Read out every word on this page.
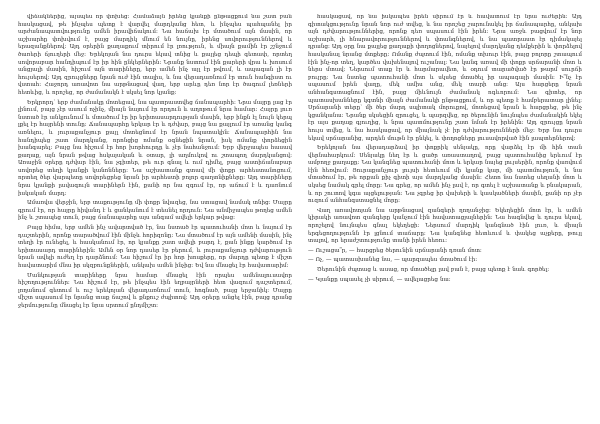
վիճակներից, այսպես որ փոխեց։ Համաձայն իրենց կյանքի ընթացքում նա շատ բան հասկացավ, թե ինչպես պետք է վարվել մարդկանց հետ, և ինչպես պահպանել իր արժանապատվությունը ամեն իրավիճակում։ Նա հաճախ էր մտածում այն մասին, որ աշխարհը փոխվում է, բայց մարդիկ մնում են նույնը, իրենց սովորություններով և երազանքներով։ Այդ օրերին քաղաքում տիրում էր լռություն, և միայն քամին էր շշնջում ծառերի ճյուղերի մեջ։ Երեկոյան նա դուրս եկավ տնից և քայլեց դեպի գետափ, որտեղ սովորաբար հանդիպում էր իր հին ընկերներին։ Նրանք նստում էին քարերի վրա և խոսում անցյալի մասին, հիշում այն տարիները, երբ ամեն ինչ այլ էր թվում, և ապագան լի էր հույսերով։ Այդ զրույցները նրան ուժ էին տալիս, և նա վերադառնում էր տուն հանգիստ ու վստահ։ Հաջորդ առավոտ նա արթնացավ վաղ, երբ արևը դեռ նոր էր ծագում լեռների հետևից, և որոշեց, որ ժամանակն է սկսել նոր կյանք։

Երկրորդ՝ երբ ժամանակը մոտեցավ, նա պատրաստվեց ճանապարհի։ Նրա մայրը լաց էր լինում, բայց չէր ասում ոչինչ, միայն նայում էր որդուն և աղոթում նրա համար։ Հայրը լուռ նստած էր անկյունում և մտածում էր իր երիտասարդության մասին, երբ ինքն էլ նույն կերպ լքել էր հայրենի տունը։ Ճանապարհը երկար էր և դժվար, բայց նա քայլում էր առանց կանգ առնելու, և յուրաքանչյուր քայլ մոտեցնում էր նրան նպատակին։ Ճանապարհին նա հանդիպեց շատ մարդկանց, որոնցից ոմանք օգնեցին նրան, իսկ ոմանք փորձեցին խանգարել։ Բայց նա հիշում էր հոր խորհուրդը և չէր նահանջում։ Երբ վերջապես հասավ քաղաք, այն նրան թվաց հսկայական և օտար, լի աղմուկով ու շտապող մարդկանցով։ Առաջին օրերը դժվար էին, նա չգիտեր, թե ուր գնալ և ում դիմել, բայց աստիճանաբար սովորեց տեղի կյանքի կանոնները։ Նա աշխատանք գտավ մի փոքր արհեստանոցում, որտեղ ծեր վարպետը սովորեցրեց նրան իր արհեստի բոլոր գաղտնիքները։ Այդ տարիները նրա կյանքի լավագույն տարիներն էին, քանի որ նա զգում էր, որ աճում է և դառնում իսկական մարդ։

Ամառվա վերջին, երբ տաքությունը մի փոքր նվազեց, նա ստացավ նամակ տնից։ Մայրը գրում էր, որ հայրը հիվանդ է և ցանկանում է տեսնել որդուն։ Նա անմիջապես թողեց ամեն ինչ և շտապեց տուն, բայց ճանապարհը այս անգամ ավելի երկար թվաց։

Բայց հիմա, երբ ամեն ինչ ավարտված էր, նա նստած էր պատուհանի մոտ և նայում էր դաշտերին, որոնք տարածվում էին մինչև հորիզոնը։ Նա մտածում էր այն ամենի մասին, ինչ տեղի էր ունեցել, և հասկանում էր, որ կյանքը շատ ավելի բարդ է, քան ինքը կարծում էր երիտասարդ տարիներին։ Ամեն օր նոր դասեր էր բերում, և յուրաքանչյուր դժվարություն նրան ավելի ուժեղ էր դարձնում։ Նա հիշում էր իր հոր խոսքերը, որ մարդը պետք է միշտ հավատարիմ մնա իր սկզբունքներին, անկախ ամեն ինչից։ Եվ նա մնացել էր հավատարիմ։

Մանկության տարիները նրա համար մնացել էին որպես ամենալուսավոր հիշողություններ։ Նա հիշում էր, թե ինչպես էին եղբայրների հետ վազում դաշտերում, լողանում գետում և ուշ երեկոյան վերադառնում տուն, հոգնած, բայց երջանիկ։ Մայրը միշտ սպասում էր նրանց տաք ճաշով և քնքուշ ժպիտով։ Այդ օրերը անցել էին, բայց դրանց ջերմությունը մնացել էր նրա սրտում ընդմիշտ։

հասկացավ, որ նա իսկապես իրեն սիրում էր և հավատում էր նրա ուժերին։ Այդ գիտակցությունը նրան նոր ուժ տվեց, և նա որոշեց շարունակել իր ճանապարհը, անկախ այն դժվարություններից, որոնք դեռ սպասում էին իրեն։ Նրա առջև բացվում էր նոր աշխարհ, լի հնարավորություններով և վտանգներով, և նա պատրաստ էր դիմակայել դրանց։ Այդ օրը նա քայլեց քաղաքի փողոցներով, նայելով մարդկանց դեմքերին և փորձելով հասկանալ նրանց մտքերը։ Ոմանք ժպտում էին, ոմանք տխուր էին, բայց բոլորը շտապում էին ինչ-որ տեղ, կարծես վախենալով ուշանալ։ Նա կանգ առավ մի փոքր սրճարանի մոտ և ներս մտավ։ Ներսում տաք էր և հարմարավետ, և օդում տարածված էր թարմ սուրճի բույրը։ Նա նստեց պատուհանի մոտ և սկսեց մտածել իր ապագայի մասին։ Ի՞նչ էր սպասում իրեն վաղը, մեկ ամիս անց, մեկ տարի անց։ Այս հարցերը նրան անհանգստացնում էին, բայց միևնույն ժամանակ ոգևորում։ Նա գիտեր, որ պատասխանները կգտնի միայն ժամանակի ընթացքում, և որ պետք է համբերատար լինել։ Սրճարանի տերը՝ մի ծեր մարդ սպիտակ մորուքով, մոտեցավ նրան և հարցրեց, թե ինչ կցանկանա։ Նրանք սկսեցին զրուցել, և պարզվեց, որ ծերունին նույնպես ժամանակին եկել էր այս քաղաք գյուղից, և նրա պատմությունը շատ նման էր իրենին։ Այդ զրույցը նրան հույս տվեց, և նա հասկացավ, որ միայնակ չէ իր դժվարությունների մեջ։ Երբ նա դուրս եկավ սրճարանից, արդեն մութն էր ընկել, և փողոցները լուսավորված էին լապտերներով։

Երեկոյան նա վերադարձավ իր փոքրիկ սենյակը, որը վարձել էր մի հին տան վերնահարկում։ Սենյակը նեղ էր և ցածր առաստաղով, բայց պատուհանից երևում էր ամբողջ քաղաքը։ Նա կանգնեց պատուհանի մոտ և երկար նայեց լույսերին, որոնք վառվում էին հեռվում։ Յուրաքանչյուր լույսի հետևում մի կյանք կար, մի պատմություն, և նա մտածում էր, թե որքան քիչ գիտի այս մարդկանց մասին։ Հետո նա նստեց սեղանի մոտ և սկսեց նամակ գրել մորը։ Նա գրեց, որ ամեն ինչ լավ է, որ գտել է աշխատանք և բնակարան, և որ շուտով կգա այցելության։ Նա չգրեց իր վախերի և կասկածների մասին, քանի որ չէր ուզում անհանգստացնել մորը։

Վաղ առավոտյան նա արթնացավ զանգերի ղողանջից։ Եկեղեցին մոտ էր, և ամեն կիրակի առավոտ զանգերը կանչում էին հավատացյալներին։ Նա հագնվեց և դուրս եկավ, որոշելով նույնպես գնալ եկեղեցի։ Ներսում մարդիկ կանգնած էին լուռ, և միայն երգեցողությունն էր լցնում տաճարը։ Նա կանգնեց հետևում և փակեց աչքերը, թույլ տալով, որ երաժշտությունը տանի իրեն հեռու։

— Ուշացա՞ր, — հարցրեց ծերունին սրճարանի դռան մոտ։

— Ոչ, — պատասխանեց նա, — պարզապես մտածում էի։

Ծերունին ժպտաց և ասաց, որ մտածելը լավ բան է, բայց պետք է նաև գործել։

— Կյանքը սպասել չի սիրում, — ավելացրեց նա։
